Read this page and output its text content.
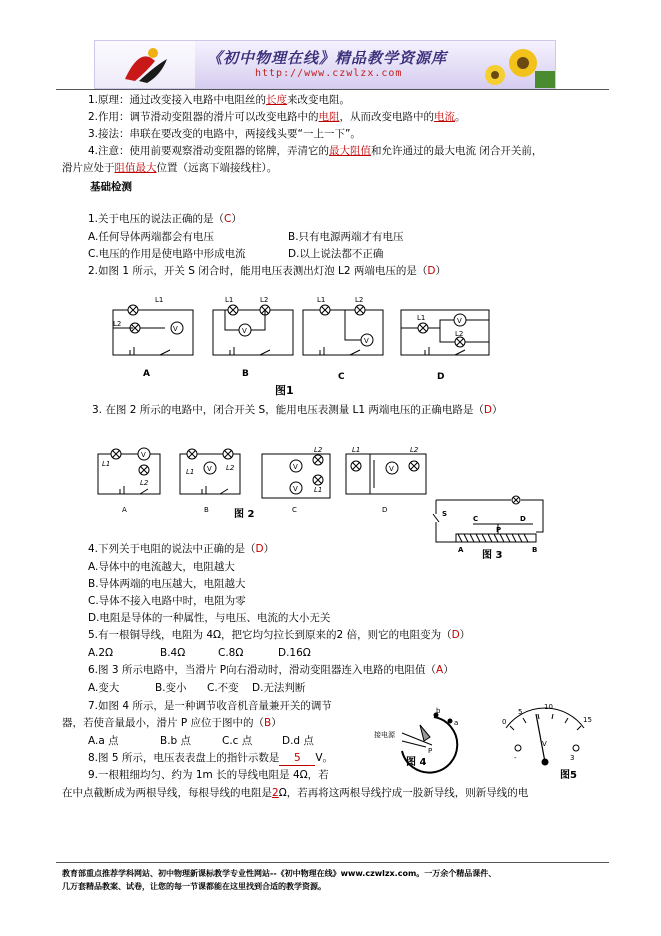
《初中物理在线》精品教学资源库
http://www.czwlzx.com
1.原理：通过改变接入电路中电阻丝的长度来改变电阻。
2.作用：调节滑动变阻器的滑片可以改变电路中的电阻，从而改变电路中的电流。
3.接法：串联在要改变的电路中，两接线头要“一上一下”。
4.注意：使用前要观察滑动变阻器的铭牌，弄清它的最大阻值和允许通过的最大电流 闭合开关前，
滑片应处于阻值最大位置（远离下端接线柱）。
基础检测
1.关于电压的说法正确的是（C）
A.任何导体两端都会有电压	B.只有电源两端才有电压
C.电压的作用是使电路中形成电流	D.以上说法都不正确
2.如图 1 所示，开关 S 闭合时，能用电压表测出灯泡 L2 两端电压的是（D）
L1
L2
V
L1	L2
V
L1	L2
V
L1	V
L2
A	B	C	D
图1
3. 在图 2 所示的电路中，闭合开关 S，能用电压表测量 L1 两端电压的正确电路是（D）
L1
L2
V
L1	L2
V
L2
L1
V
V
L1	L2
V
A	B	C	D
图 2	S
C	D
P
A	B
图 3
4.下列关于电阻的说法中正确的是（D）
A.导体中的电流越大，电阻越大
B.导体两端的电压越大，电阻越大
C.导体不接入电路中时，电阻为零
D.电阻是导体的一种属性，与电压、电流的大小无关
5.有一根铜导线，电阻为 4Ω，把它均匀拉长到原来的2 倍，则它的电阻变为（D）
A.2Ω	B.4Ω	C.8Ω	D.16Ω
6.图 3 所示电路中，当滑片 P向右滑动时，滑动变阻器连入电路的电阻值（A）
A.变大	B.变小 C.不变 D.无法判断
7.如图 4 所示，是一种调节收音机音量兼开关的调节
器，若使音量最小，滑片 P 应位于图中的（B）
A.a 点	B.b 点	C.c 点	D.d 点
8.图 5 所示，电压表表盘上的指针示数是 5 V。
接电源
b
a
P
图 4
0
5
10
15
V
-	3
图5
9.一根粗细均匀、约为 1m 长的导线电阻是 4Ω，若
在中点截断成为两根导线，每根导线的电阻是2Ω，若再将这两根导线拧成一股新导线，则新导线的电
教育部重点推荐学科网站、初中物理新课标教学专业性网站--《初中物理在线》www.czwlzx.com。一万余个精品课件、
几万套精品教案、试卷，让您的每一节课都能在这里找到合适的教学资源。
